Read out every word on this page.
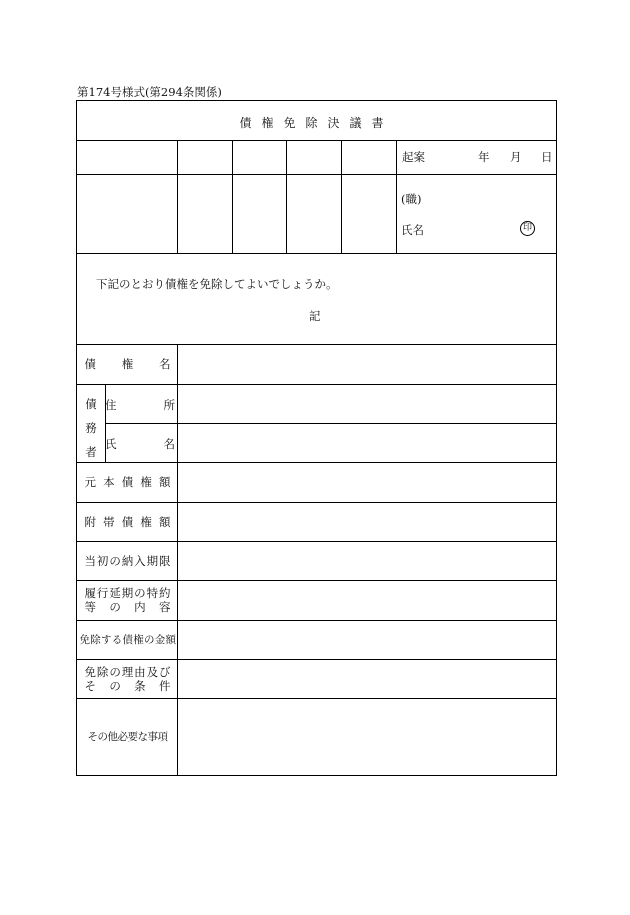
第174号様式(第294条関係)
債権免除決議書
起案	年 月 日
(職)
氏名	印
下記のとおり債権を免除してよいでしょうか。
記
債　権　名
債
務
者
住　所
氏　名
元本債権額
附帯債権額
当初の納入期限
履行延期の特約
等の内容
免除する債権の金額
免除の理由及び
その条件
その他必要な事項
